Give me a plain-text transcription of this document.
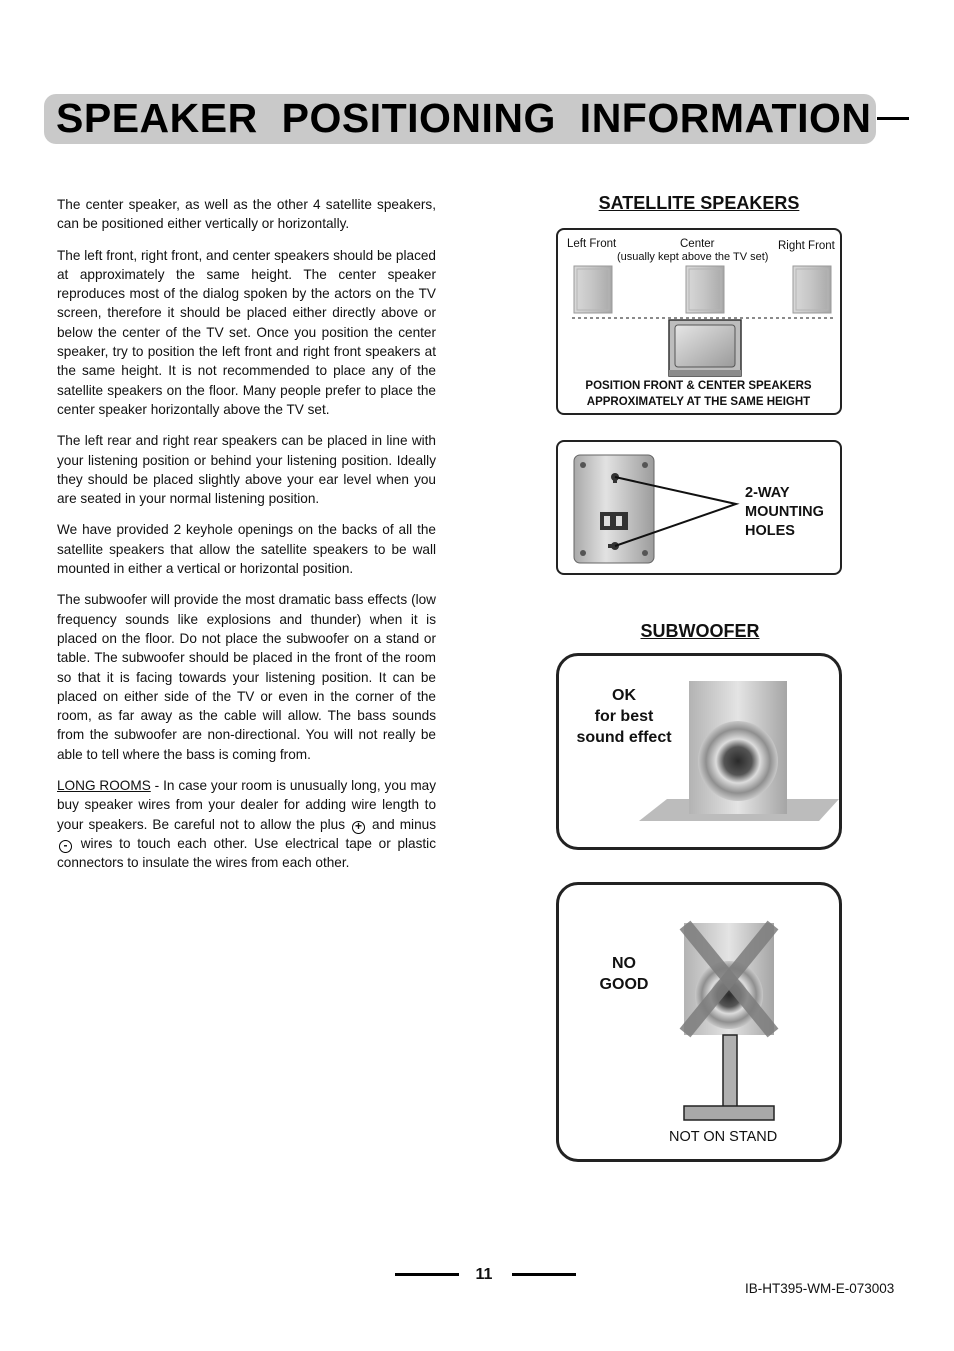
SPEAKER POSITIONING INFORMATION

The center speaker, as well as the other 4 satellite speakers, can be positioned either vertically or horizontally.

The left front, right front, and center speakers should be placed at approximately the same height. The center speaker reproduces most of the dialog spoken by the actors on the TV screen, therefore it should be placed either directly above or below the center of the TV set. Once you position the center speaker, try to position the left front and right front speakers at the same height. It is not recommended to place any of the satellite speakers on the floor. Many people prefer to place the center speaker horizontally above the TV set.

The left rear and right rear speakers can be placed in line with your listening position or behind your listening position. Ideally they should be placed slightly above your ear level when you are seated in your normal listening position.

We have provided 2 keyhole openings on the backs of all the satellite speakers that allow the satellite speakers to be wall mounted in either a vertical or horizontal position.

The subwoofer will provide the most dramatic bass effects (low frequency sounds like explosions and thunder) when it is placed on the floor. Do not place the subwoofer on a stand or table. The subwoofer should be placed in the front of the room so that it is facing towards your listening position. It can be placed on either side of the TV or even in the corner of the room, as far away as the cable will allow. The bass sounds from the subwoofer are non-directional. You will not really be able to tell where the bass is coming from.

LONG ROOMS - In case your room is unusually long, you may buy speaker wires from your dealer for adding wire length to your speakers. Be careful not to allow the plus + and minus - wires to touch each other. Use electrical tape or plastic connectors to insulate the wires from each other.

SATELLITE SPEAKERS
Left Front	Center
(usually kept above the TV set)
Right Front
POSITION FRONT & CENTER SPEAKERS
APPROXIMATELY AT THE SAME HEIGHT
2-WAY
MOUNTING
HOLES
SUBWOOFER
OK
for best
sound effect
NO
GOOD
NOT ON STAND
11
IB-HT395-WM-E-073003
